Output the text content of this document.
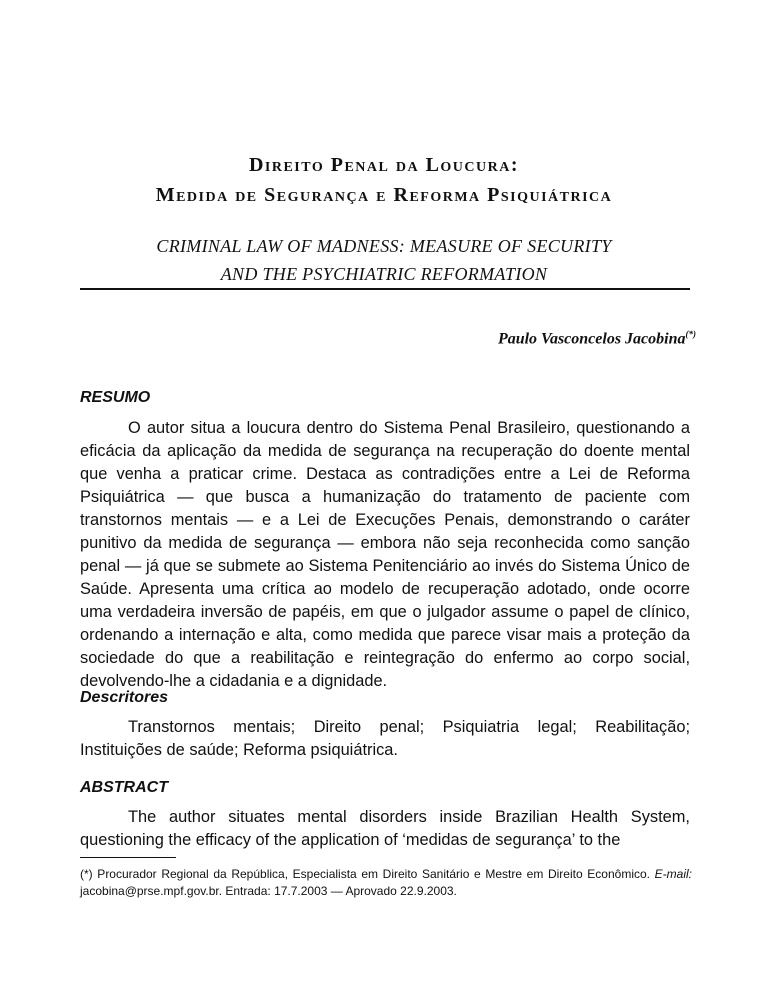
Direito Penal da Loucura:
Medida de Segurança e Reforma Psiquiátrica
CRIMINAL LAW OF MADNESS: MEASURE OF SECURITY
AND THE PSYCHIATRIC REFORMATION
Paulo Vasconcelos Jacobina(*)
RESUMO
O autor situa a loucura dentro do Sistema Penal Brasileiro, questionando a eficácia da aplicação da medida de segurança na recuperação do doente mental que venha a praticar crime. Destaca as contradições entre a Lei de Reforma Psiquiátrica — que busca a humanização do tratamento de paciente com transtornos mentais — e a Lei de Execuções Penais, demonstrando o caráter punitivo da medida de segurança — embora não seja reconhecida como sanção penal — já que se submete ao Sistema Penitenciário ao invés do Sistema Único de Saúde. Apresenta uma crítica ao modelo de recuperação adotado, onde ocorre uma verdadeira inversão de papéis, em que o julgador assume o papel de clínico, ordenando a internação e alta, como medida que parece visar mais a proteção da sociedade do que a reabilitação e reintegração do enfermo ao corpo social, devolvendo-lhe a cidadania e a dignidade.
Descritores
Transtornos mentais; Direito penal; Psiquiatria legal; Reabilitação; Instituições de saúde; Reforma psiquiátrica.
ABSTRACT
The author situates mental disorders inside Brazilian Health System, questioning the efficacy of the application of ‘medidas de segurança’ to the
(*) Procurador Regional da República, Especialista em Direito Sanitário e Mestre em Direito Econômico. E-mail: jacobina@prse.mpf.gov.br. Entrada: 17.7.2003 — Aprovado 22.9.2003.
